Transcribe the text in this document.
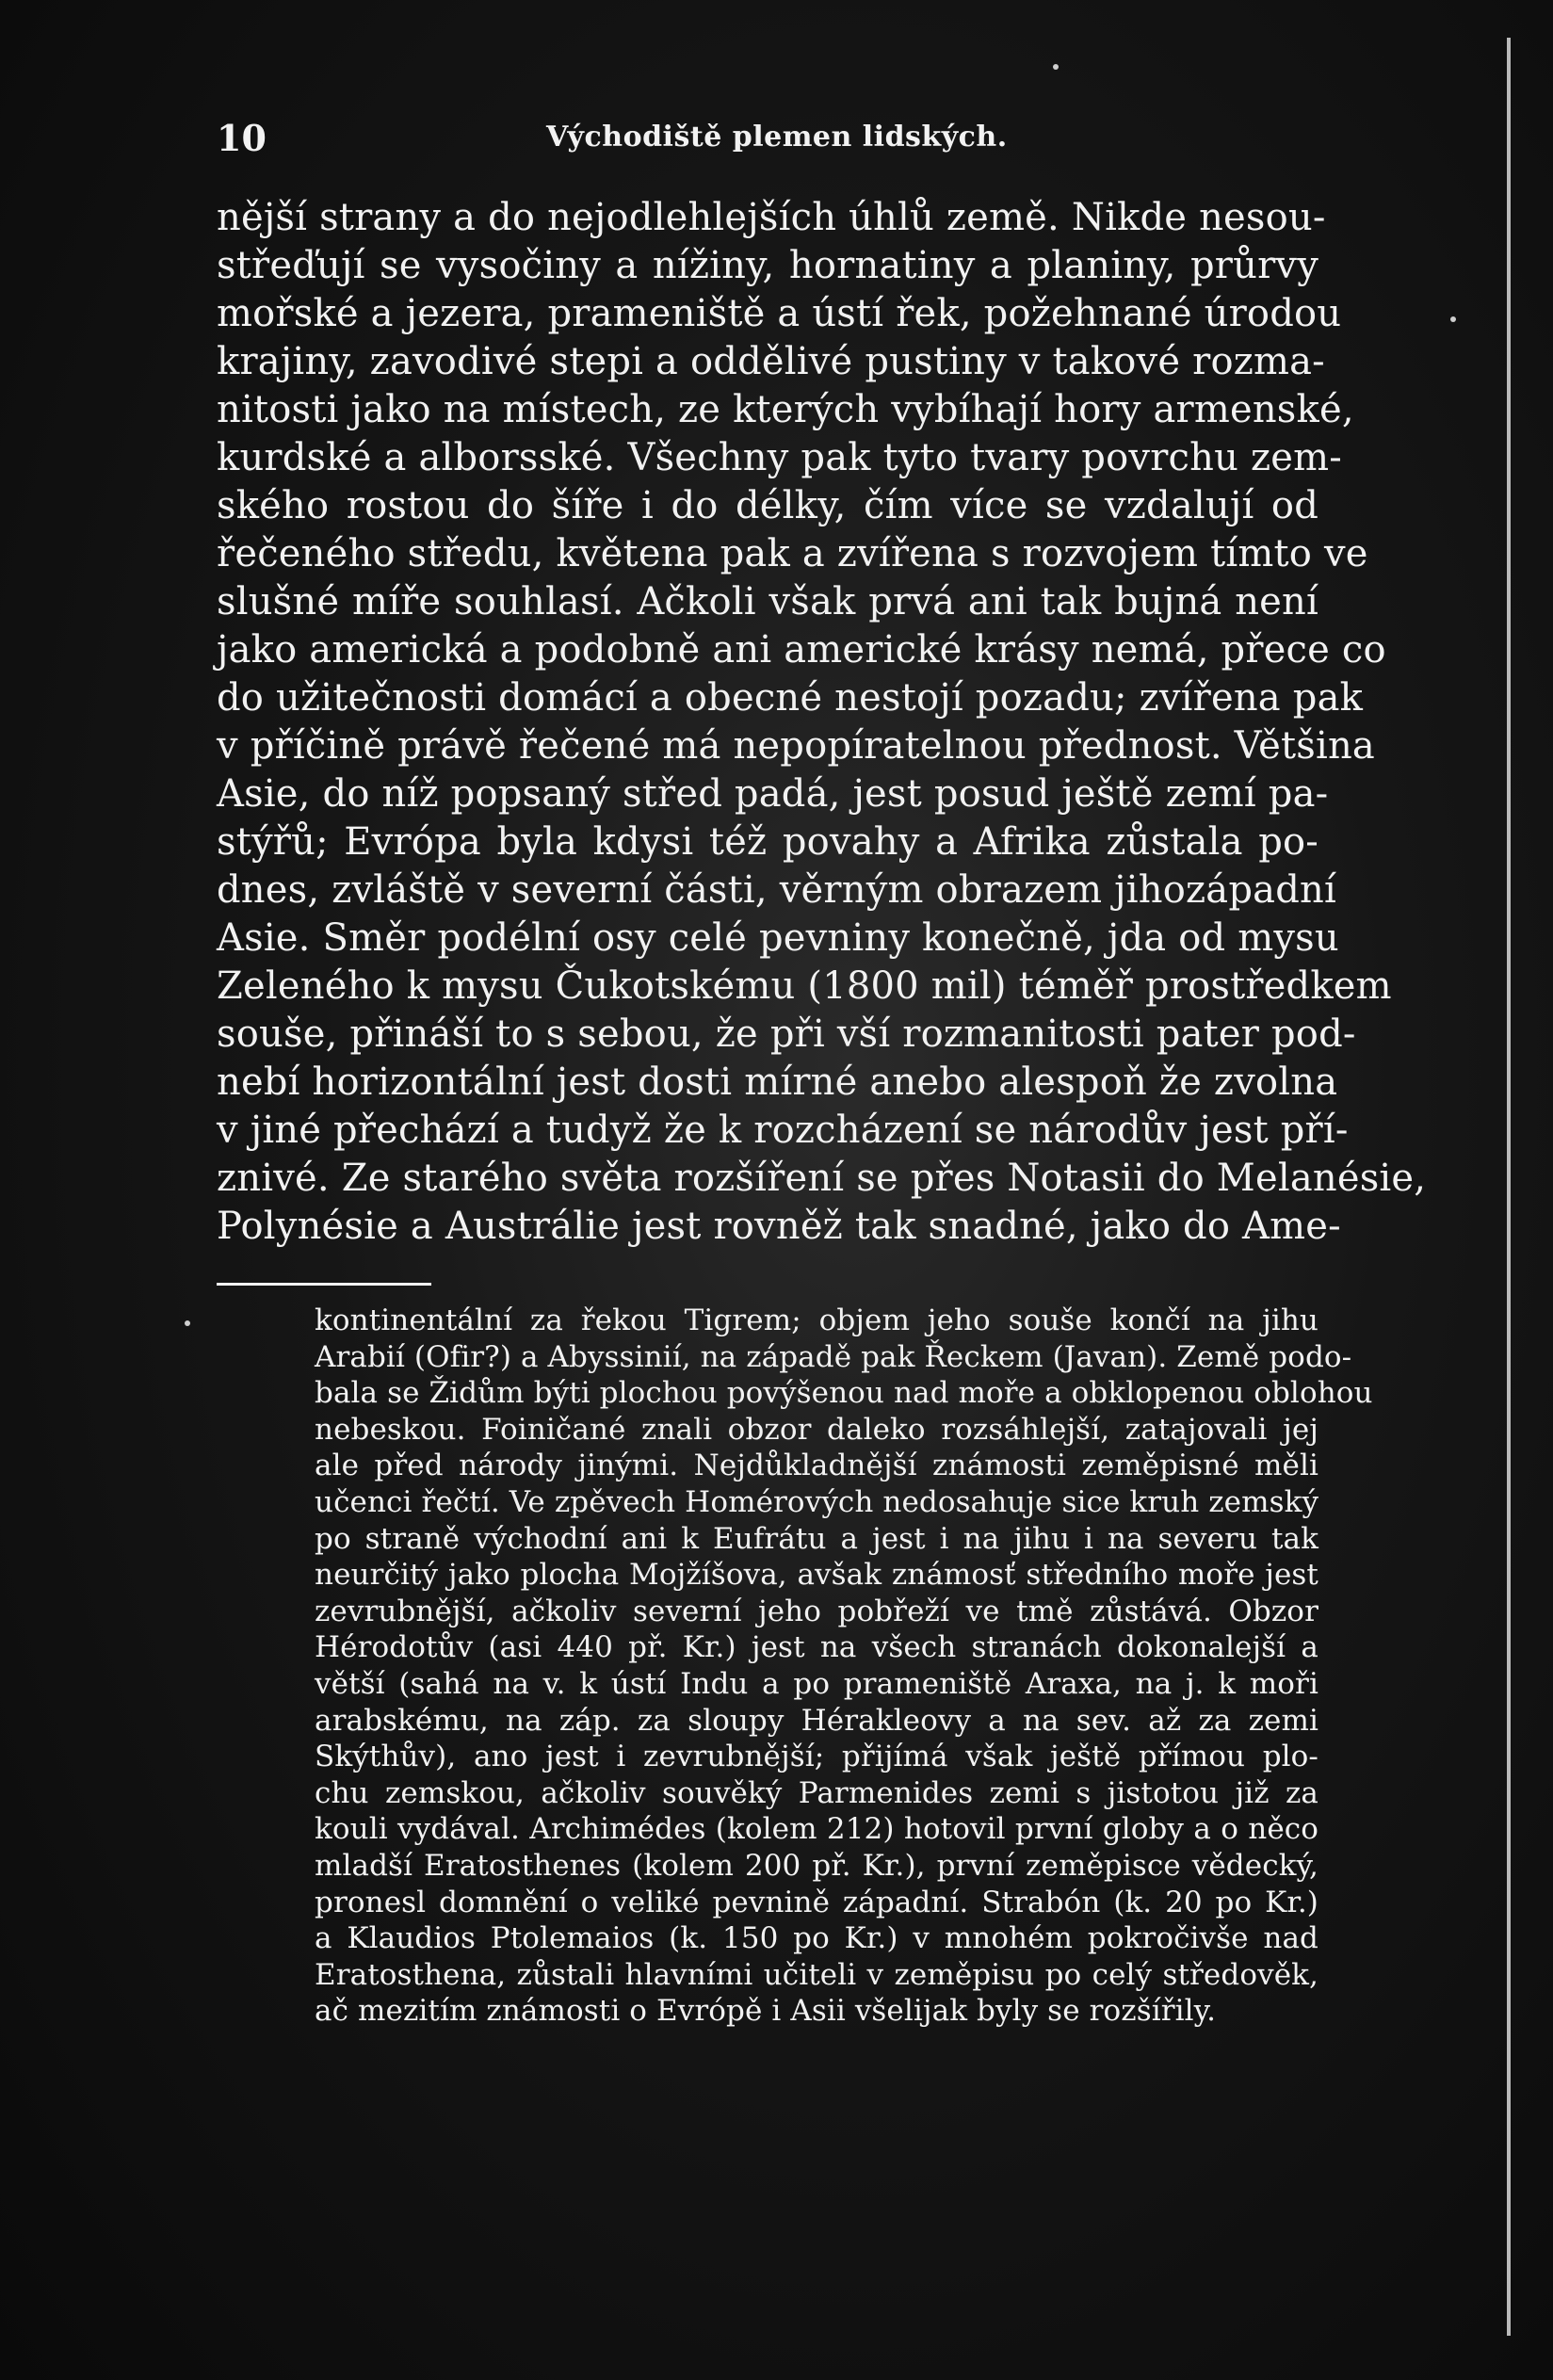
10	Východiště plemen lidských.
nější strany a do nejodlehlejších úhlů země. Nikde nesou-
střeďují se vysočiny a nížiny, hornatiny a planiny, průrvy
mořské a jezera, prameniště a ústí řek, požehnané úrodou
krajiny, zavodivé stepi a oddělivé pustiny v takové rozma-
nitosti jako na místech, ze kterých vybíhají hory armenské,
kurdské a alborsské. Všechny pak tyto tvary povrchu zem-
ského rostou do šíře i do délky, čím více se vzdalují od
řečeného středu, květena pak a zvířena s rozvojem tímto ve
slušné míře souhlasí. Ačkoli však prvá ani tak bujná není
jako americká a podobně ani americké krásy nemá, přece co
do užitečnosti domácí a obecné nestojí pozadu; zvířena pak
v příčině právě řečené má nepopíratelnou přednost. Většina
Asie, do níž popsaný střed padá, jest posud ještě zemí pa-
stýřů; Evrópa byla kdysi též povahy a Afrika zůstala po-
dnes, zvláště v severní části, věrným obrazem jihozápadní
Asie. Směr podélní osy celé pevniny konečně, jda od mysu
Zeleného k mysu Čukotskému (1800 mil) téměř prostředkem
souše, přináší to s sebou, že při vší rozmanitosti pater pod-
nebí horizontální jest dosti mírné anebo alespoň že zvolna
v jiné přechází a tudyž že k rozcházení se národův jest pří-
znivé. Ze starého světa rozšíření se přes Notasii do Melanésie,
Polynésie a Austrálie jest rovněž tak snadné, jako do Ame-
kontinentální za řekou Tigrem; objem jeho souše končí na jihu
Arabií (Ofir?) a Abyssinií, na západě pak Řeckem (Javan). Země podo-
bala se Židům býti plochou povýšenou nad moře a obklopenou oblohou
nebeskou. Foiničané znali obzor daleko rozsáhlejší, zatajovali jej
ale před národy jinými. Nejdůkladnější známosti zeměpisné měli
učenci řečtí. Ve zpěvech Homérových nedosahuje sice kruh zemský
po straně východní ani k Eufrátu a jest i na jihu i na severu tak
neurčitý jako plocha Mojžíšova, avšak známosť středního moře jest
zevrubnější, ačkoliv severní jeho pobřeží ve tmě zůstává. Obzor
Hérodotův (asi 440 př. Kr.) jest na všech stranách dokonalejší a
větší (sahá na v. k ústí Indu a po prameniště Araxa, na j. k moři
arabskému, na záp. za sloupy Hérakleovy a na sev. až za zemi
Skýthův), ano jest i zevrubnější; přijímá však ještě přímou plo-
chu zemskou, ačkoliv souvěký Parmenides zemi s jistotou již za
kouli vydával. Archimédes (kolem 212) hotovil první globy a o něco
mladší Eratosthenes (kolem 200 př. Kr.), první zeměpisce vědecký,
pronesl domnění o veliké pevnině západní. Strabón (k. 20 po Kr.)
a Klaudios Ptolemaios (k. 150 po Kr.) v mnohém pokročivše nad
Eratosthena, zůstali hlavními učiteli v zeměpisu po celý středověk,
ač mezitím známosti o Evrópě i Asii všelijak byly se rozšířily.
